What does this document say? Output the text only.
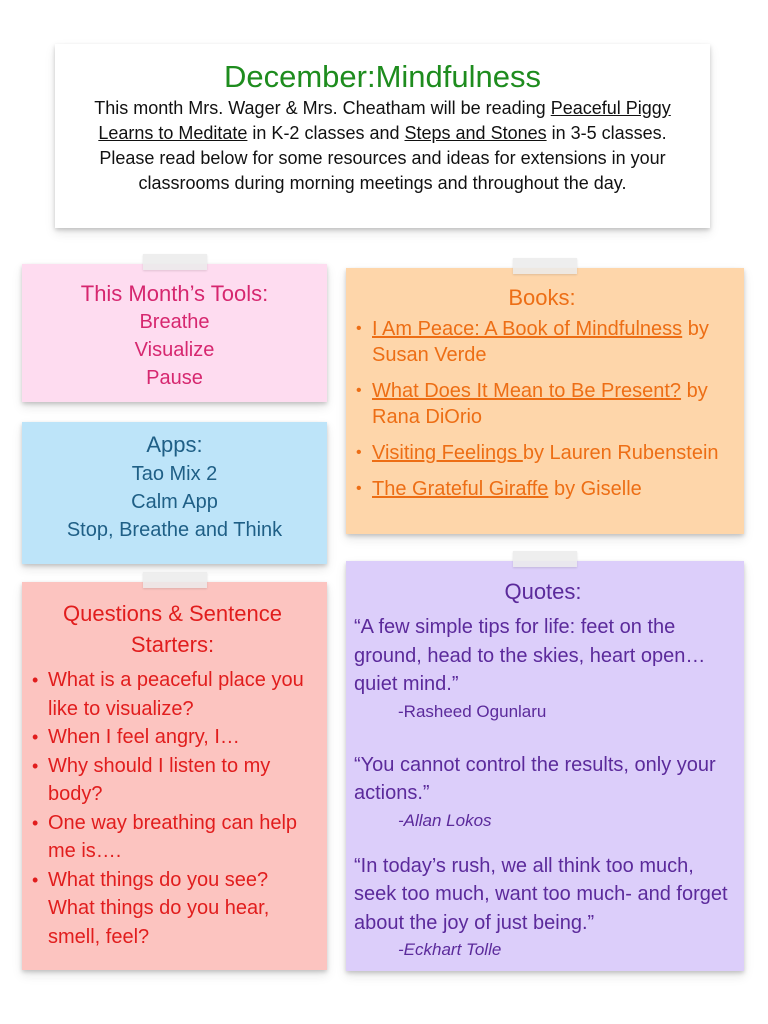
December:Mindfulness
This month Mrs. Wager & Mrs. Cheatham will be reading Peaceful Piggy Learns to Meditate in K-2 classes and Steps and Stones in 3-5 classes. Please read below for some resources and ideas for extensions in your classrooms during morning meetings and throughout the day.
This Month’s Tools:
Breathe
Visualize
Pause
Apps:
Tao Mix 2
Calm App
Stop, Breathe and Think
Questions & Sentence Starters:
• What is a peaceful place you like to visualize?
• When I feel angry, I…
• Why should I listen to my body?
• One way breathing can help me is….
• What things do you see? What things do you hear, smell, feel?
Books:
• I Am Peace: A Book of Mindfulness by Susan Verde
• What Does It Mean to Be Present? by Rana DiOrio
• Visiting Feelings by Lauren Rubenstein
• The Grateful Giraffe by Giselle
Quotes:
“A few simple tips for life: feet on the ground, head to the skies, heart open…quiet mind.”
-Rasheed Ogunlaru
“You cannot control the results, only your actions.”
-Allan Lokos
“In today’s rush, we all think too much, seek too much, want too much- and forget about the joy of just being.”
-Eckhart Tolle
